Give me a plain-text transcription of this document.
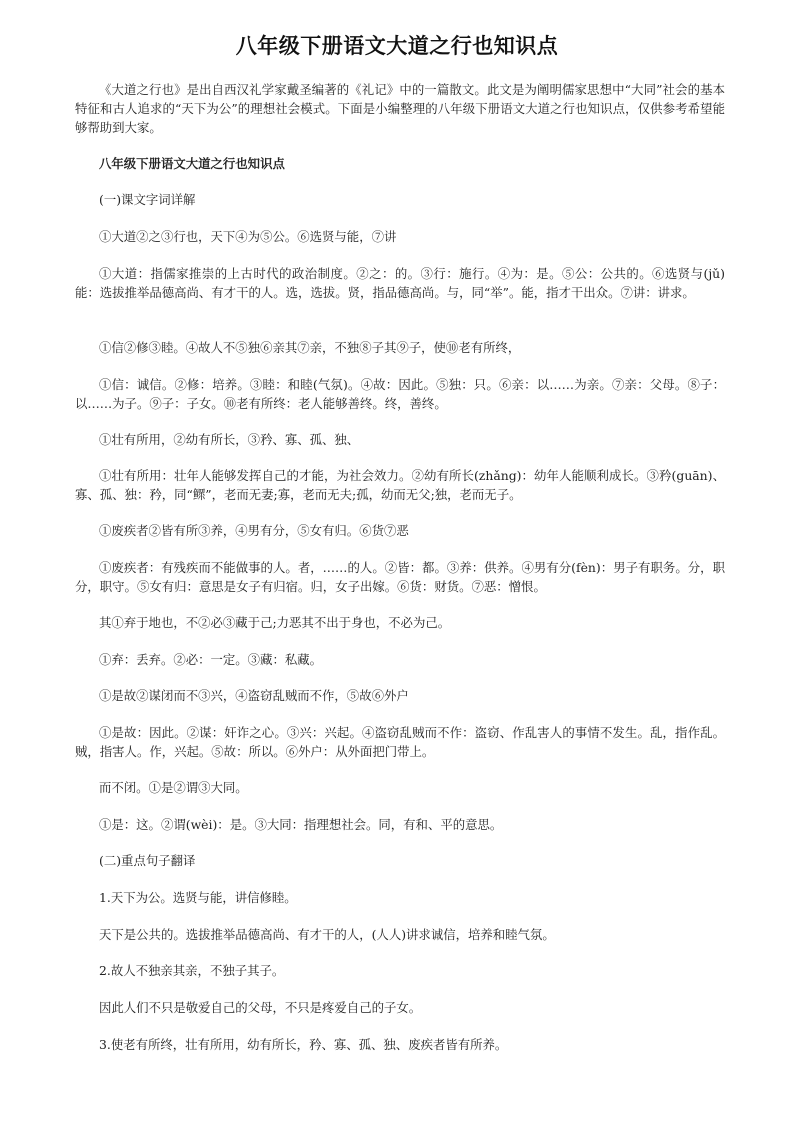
八年级下册语文大道之行也知识点

《大道之行也》是出自西汉礼学家戴圣编著的《礼记》中的一篇散文。此文是为阐明儒家思想中“大同”社会的基本特征和古人追求的“天下为公”的理想社会模式。下面是小编整理的八年级下册语文大道之行也知识点，仅供参考希望能够帮助到大家。

八年级下册语文大道之行也知识点

(一)课文字词详解

①大道②之③行也，天下④为⑤公。⑥选贤与能，⑦讲

①大道：指儒家推崇的上古时代的政治制度。②之：的。③行：施行。④为：是。⑤公：公共的。⑥选贤与(jǔ)能：选拔推举品德高尚、有才干的人。选，选拔。贤，指品德高尚。与，同“举”。能，指才干出众。⑦讲：讲求。

①信②修③睦。④故人不⑤独⑥亲其⑦亲，不独⑧子其⑨子，使⑩老有所终，

①信：诚信。②修：培养。③睦：和睦(气氛)。④故：因此。⑤独：只。⑥亲：以……为亲。⑦亲：父母。⑧子：以……为子。⑨子：子女。⑩老有所终：老人能够善终。终，善终。

①壮有所用，②幼有所长，③矜、寡、孤、独、

①壮有所用：壮年人能够发挥自己的才能，为社会效力。②幼有所长(zhǎng)：幼年人能顺利成长。③矜(guān)、寡、孤、独：矜，同“鳏”，老而无妻;寡，老而无夫;孤，幼而无父;独，老而无子。

①废疾者②皆有所③养，④男有分，⑤女有归。⑥货⑦恶

①废疾者：有残疾而不能做事的人。者，……的人。②皆：都。③养：供养。④男有分(fèn)：男子有职务。分，职分，职守。⑤女有归：意思是女子有归宿。归，女子出嫁。⑥货：财货。⑦恶：憎恨。

其①弃于地也，不②必③藏于己;力恶其不出于身也，不必为己。

①弃：丢弃。②必：一定。③藏：私藏。

①是故②谋闭而不③兴，④盗窃乱贼而不作，⑤故⑥外户

①是故：因此。②谋：奸诈之心。③兴：兴起。④盗窃乱贼而不作：盗窃、作乱害人的事情不发生。乱，指作乱。贼，指害人。作，兴起。⑤故：所以。⑥外户：从外面把门带上。

而不闭。①是②谓③大同。

①是：这。②谓(wèi)：是。③大同：指理想社会。同，有和、平的意思。

(二)重点句子翻译

1.天下为公。选贤与能，讲信修睦。

天下是公共的。选拔推举品德高尚、有才干的人，(人人)讲求诚信，培养和睦气氛。

2.故人不独亲其亲，不独子其子。

因此人们不只是敬爱自己的父母，不只是疼爱自己的子女。

3.使老有所终，壮有所用，幼有所长，矜、寡、孤、独、废疾者皆有所养。
